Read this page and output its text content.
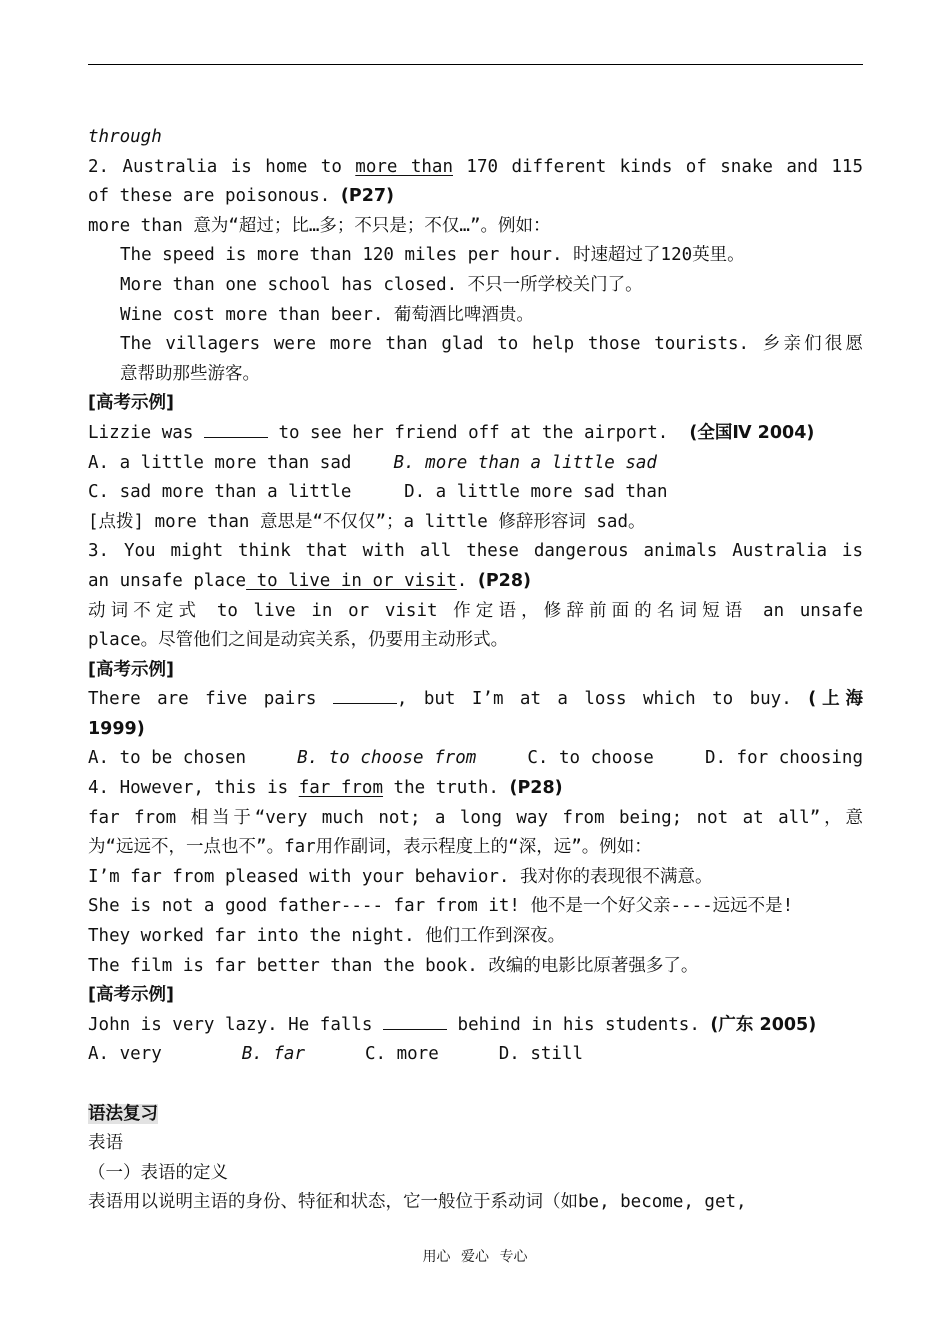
through
2. Australia is home to more than 170 different kinds of snake and 115
of these are poisonous. (P27)
more than 意为“超过；比…多；不只是；不仅…”。例如：
The speed is more than 120 miles per hour. 时速超过了120英里。
More than one school has closed. 不只一所学校关门了。
Wine cost more than beer. 葡萄酒比啤酒贵。
The villagers were more than glad to help those tourists. 乡亲们很愿
意帮助那些游客。
[高考示例]
Lizzie was	to see her friend off at the airport.  (全国Ⅳ 2004)
A. a little more than sad    B. more than a little sad
C. sad more than a little     D. a little more sad than
[点拨] more than 意思是“不仅仅”；a little 修辞形容词 sad。
3. You might think that with all these dangerous animals Australia is
an unsafe place to live in or visit. (P28)
动词不定式 to live in or visit 作定语，修辞前面的名词短语 an unsafe
place。尽管他们之间是动宾关系，仍要用主动形式。
[高考示例]
There are five pairs	, but I’m at a loss which to buy. (上海
1999)
A. to be chosen	B. to choose from	C. to choose	D. for choosing
4. However, this is far from the truth. (P28)
far from 相当于“very much not; a long way from being; not at all”，意
为“远远不，一点也不”。far用作副词，表示程度上的“深，远”。例如：
I’m far from pleased with your behavior. 我对你的表现很不满意。
She is not a good father---- far from it! 他不是一个好父亲----远远不是!
They worked far into the night. 他们工作到深夜。
The film is far better than the book. 改编的电影比原著强多了。
[高考示例]
John is very lazy. He falls	behind in his students. (广东 2005)
A. very	B. far	C. more	D. still
语法复习
表语
（一）表语的定义
表语用以说明主语的身份、特征和状态，它一般位于系动词（如be, become, get,
用心 爱心 专心
